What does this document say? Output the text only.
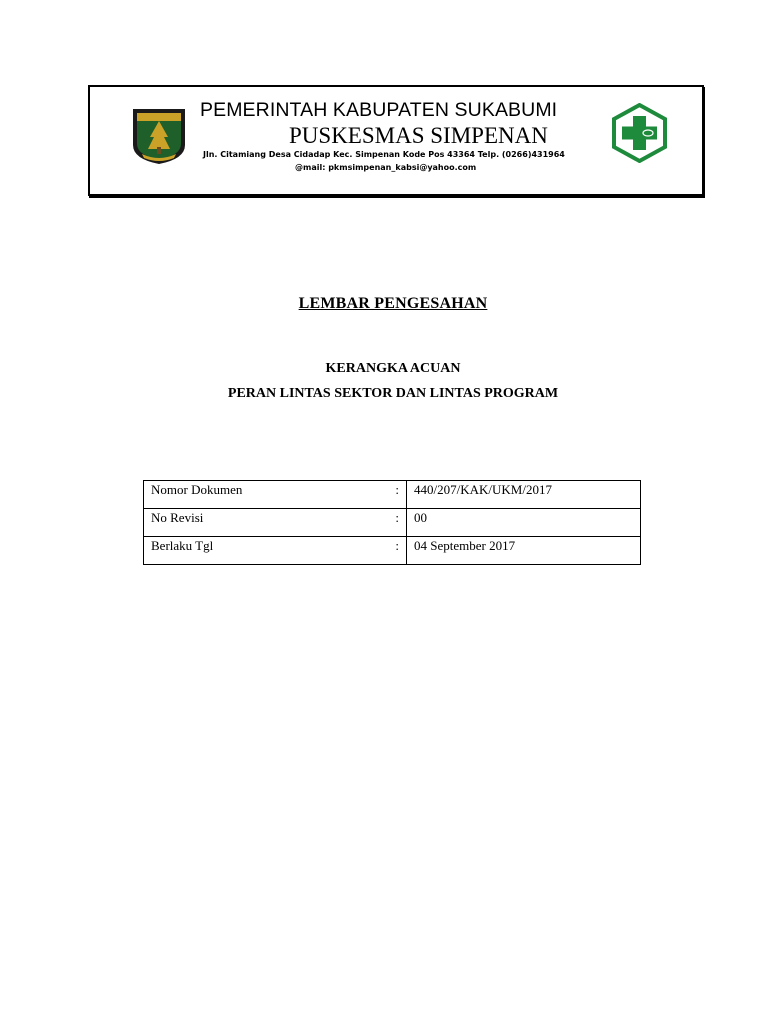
PEMERINTAH KABUPATEN SUKABUMI
PUSKESMAS SIMPENAN
Jln. Citamiang Desa Cidadap Kec. Simpenan Kode Pos 43364 Telp. (0266)431964
@mail: pkmsimpenan_kabsi@yahoo.com
LEMBAR PENGESAHAN
KERANGKA ACUAN
PERAN LINTAS SEKTOR DAN LINTAS PROGRAM
Nomor Dokumen	:	440/207/KAK/UKM/2017
No Revisi	:	00
Berlaku Tgl	:	04 September 2017
